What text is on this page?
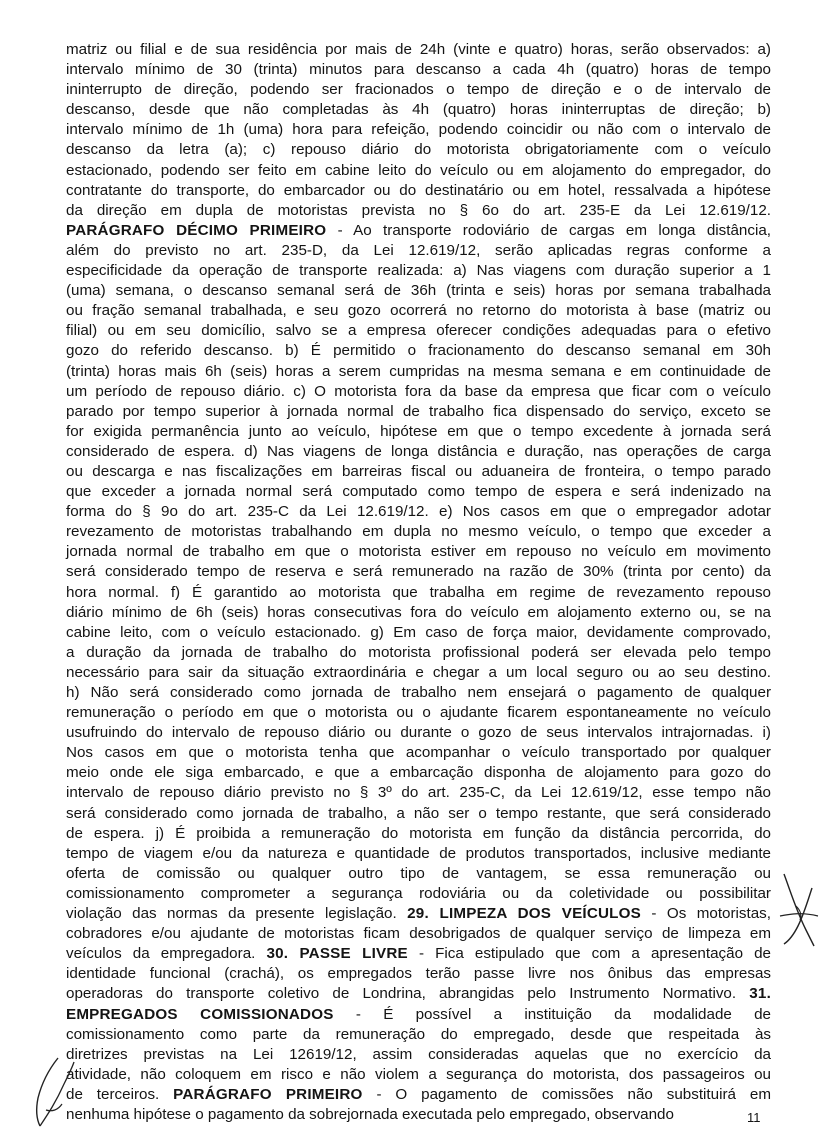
matriz ou filial e de sua residência por mais de 24h (vinte e quatro) horas, serão observados: a)
intervalo mínimo de 30 (trinta) minutos para descanso a cada 4h (quatro) horas de tempo
ininterrupto de direção, podendo ser fracionados o tempo de direção e o de intervalo de
descanso, desde que não completadas às 4h (quatro) horas ininterruptas de direção; b)
intervalo mínimo de 1h (uma) hora para refeição, podendo coincidir ou não com o intervalo de
descanso da letra (a); c) repouso diário do motorista obrigatoriamente com o veículo
estacionado, podendo ser feito em cabine leito do veículo ou em alojamento do empregador, do
contratante do transporte, do embarcador ou do destinatário ou em hotel, ressalvada a hipótese
da direção em dupla de motoristas prevista no § 6o do art. 235-E da Lei 12.619/12.
PARÁGRAFO DÉCIMO PRIMEIRO - Ao transporte rodoviário de cargas em longa distância,
além do previsto no art. 235-D, da Lei 12.619/12, serão aplicadas regras conforme a
especificidade da operação de transporte realizada: a) Nas viagens com duração superior a 1
(uma) semana, o descanso semanal será de 36h (trinta e seis) horas por semana trabalhada
ou fração semanal trabalhada, e seu gozo ocorrerá no retorno do motorista à base (matriz ou
filial) ou em seu domicílio, salvo se a empresa oferecer condições adequadas para o efetivo
gozo do referido descanso. b) É permitido o fracionamento do descanso semanal em 30h
(trinta) horas mais 6h (seis) horas a serem cumpridas na mesma semana e em continuidade de
um período de repouso diário. c) O motorista fora da base da empresa que ficar com o veículo
parado por tempo superior à jornada normal de trabalho fica dispensado do serviço, exceto se
for exigida permanência junto ao veículo, hipótese em que o tempo excedente à jornada será
considerado de espera. d) Nas viagens de longa distância e duração, nas operações de carga
ou descarga e nas fiscalizações em barreiras fiscal ou aduaneira de fronteira, o tempo parado
que exceder a jornada normal será computado como tempo de espera e será indenizado na
forma do § 9o do art. 235-C da Lei 12.619/12. e) Nos casos em que o empregador adotar
revezamento de motoristas trabalhando em dupla no mesmo veículo, o tempo que exceder a
jornada normal de trabalho em que o motorista estiver em repouso no veículo em movimento
será considerado tempo de reserva e será remunerado na razão de 30% (trinta por cento) da
hora normal. f) É garantido ao motorista que trabalha em regime de revezamento repouso
diário mínimo de 6h (seis) horas consecutivas fora do veículo em alojamento externo ou, se na
cabine leito, com o veículo estacionado. g) Em caso de força maior, devidamente comprovado,
a duração da jornada de trabalho do motorista profissional poderá ser elevada pelo tempo
necessário para sair da situação extraordinária e chegar a um local seguro ou ao seu destino.
h) Não será considerado como jornada de trabalho nem ensejará o pagamento de qualquer
remuneração o período em que o motorista ou o ajudante ficarem espontaneamente no veículo
usufruindo do intervalo de repouso diário ou durante o gozo de seus intervalos intrajornadas. i)
Nos casos em que o motorista tenha que acompanhar o veículo transportado por qualquer
meio onde ele siga embarcado, e que a embarcação disponha de alojamento para gozo do
intervalo de repouso diário previsto no § 3º do art. 235-C, da Lei 12.619/12, esse tempo não
será considerado como jornada de trabalho, a não ser o tempo restante, que será considerado
de espera. j) É proibida a remuneração do motorista em função da distância percorrida, do
tempo de viagem e/ou da natureza e quantidade de produtos transportados, inclusive mediante
oferta de comissão ou qualquer outro tipo de vantagem, se essa remuneração ou
comissionamento comprometer a segurança rodoviária ou da coletividade ou possibilitar
violação das normas da presente legislação. 29. LIMPEZA DOS VEÍCULOS - Os motoristas,
cobradores e/ou ajudante de motoristas ficam desobrigados de qualquer serviço de limpeza em
veículos da empregadora. 30. PASSE LIVRE - Fica estipulado que com a apresentação de
identidade funcional (crachá), os empregados terão passe livre nos ônibus das empresas
operadoras do transporte coletivo de Londrina, abrangidas pelo Instrumento Normativo. 31.
EMPREGADOS COMISSIONADOS - É possível a instituição da modalidade de
comissionamento como parte da remuneração do empregado, desde que respeitada às
diretrizes previstas na Lei 12619/12, assim consideradas aquelas que no exercício da
atividade, não coloquem em risco e não violem a segurança do motorista, dos passageiros ou
de terceiros. PARÁGRAFO PRIMEIRO - O pagamento de comissões não substituirá em
nenhuma hipótese o pagamento da sobrejornada executada pelo empregado, observando	11
